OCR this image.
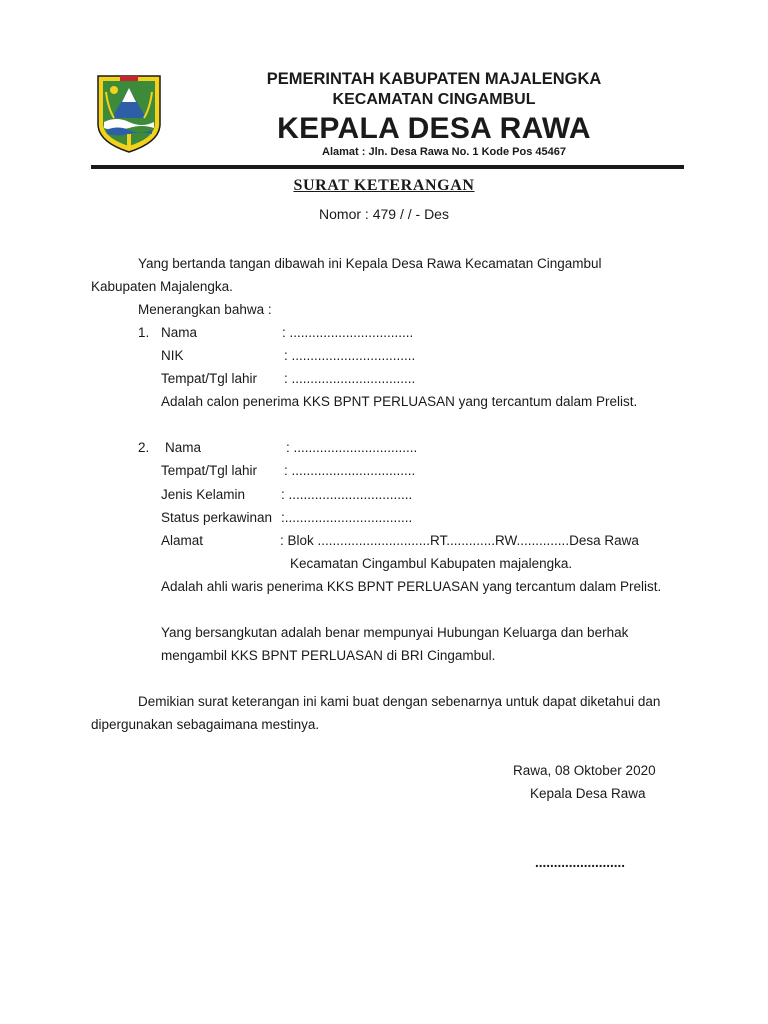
PEMERINTAH KABUPATEN MAJALENGKA
KECAMATAN CINGAMBUL
KEPALA DESA RAWA
Alamat : Jln. Desa Rawa No. 1 Kode Pos 45467
SURAT KETERANGAN
Nomor : 479 / / - Des
Yang bertanda tangan dibawah ini Kepala Desa Rawa Kecamatan Cingambul
Kabupaten Majalengka.
Menerangkan bahwa :
1. Nama	: .................................
NIK	: .................................
Tempat/Tgl lahir : .................................
Adalah calon penerima KKS BPNT PERLUASAN yang tercantum dalam Prelist.
2. Nama	: .................................
Tempat/Tgl lahir : .................................
Jenis Kelamin	: .................................
Status perkawinan :..................................
Alamat	: Blok ..............................RT.............RW..............Desa Rawa
Kecamatan Cingambul Kabupaten majalengka.
Adalah ahli waris penerima KKS BPNT PERLUASAN yang tercantum dalam Prelist.
Yang bersangkutan adalah benar mempunyai Hubungan Keluarga dan berhak
mengambil KKS BPNT PERLUASAN di BRI Cingambul.
Demikian surat keterangan ini kami buat dengan sebenarnya untuk dapat diketahui dan
dipergunakan sebagaimana mestinya.
Rawa, 08 Oktober 2020
Kepala Desa Rawa
........................
